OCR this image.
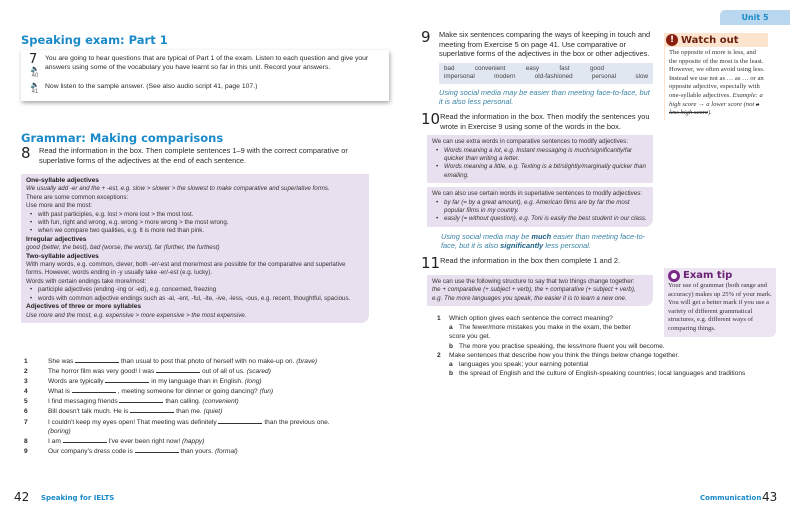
Speaking exam: Part 1
7
🔈
40
You are going to hear questions that are typical of Part 1 of the exam. Listen to each question and give your answers using some of the vocabulary you have learnt so far in this unit. Record your answers.
🔈
41
Now listen to the sample answer. (See also audio script 41, page 107.)
Grammar: Making comparisons
8	Read the information in the box. Then complete sentences 1–9 with the correct comparative or superlative forms of the adjectives at the end of each sentence.
One-syllable adjectives
We usually add -er and the + -est, e.g. slow > slower > the slowest to make comparative and superlative forms.
There are some common exceptions:
Use more and the most:
• with past participles, e.g. lost > more lost > the most lost.
• with fun, right and wrong, e.g. wrong > more wrong > the most wrong.
• when we compare two qualities, e.g. It is more red than pink.
Irregular adjectives
good (better, the best), bad (worse, the worst), far (further, the furthest)
Two-syllable adjectives
With many words, e.g. common, clever, both -er/-est and more/most are possible for the comparative and superlative forms. However, words ending in -y usually take -er/-est (e.g. lucky).
Words with certain endings take more/most:
• participle adjectives (ending -ing or -ed), e.g. concerned, freezing
• words with common adjective endings such as -al, -ent, -ful, -ite, -ive, -less, -ous, e.g. recent, thoughtful, spacious.
Adjectives of three or more syllables
Use more and the most, e.g. expensive > more expensive > the most expensive.
1	She was	than usual to post that photo of herself with no make-up on. (brave)
2	The horror film was very good! I was	out of all of us. (scared)
3	Words are typically	in my language than in English. (long)
4	What is	, meeting someone for dinner or going dancing? (fun)
5	I find messaging friends	than calling. (convenient)
6	Bill doesn't talk much. He is	than me. (quiet)
7	I couldn't keep my eyes open! That meeting was definitely	than the previous one. (boring)
8	I am	I've ever been right now! (happy)
9	Our company's dress code is	than yours. (formal)
42 Speaking for IELTS
Unit 5
9	Make six sentences comparing the ways of keeping in touch and meeting from Exercise 5 on page 41. Use comparative or superlative forms of the adjectives in the box or other adjectives.
bad	convenient	easy	fast	good
impersonal	modern	old-fashioned	personal	slow
Using social media may be easier than meeting face-to-face, but it is also less personal.
10 Read the information in the box. Then modify the sentences you wrote in Exercise 9 using some of the words in the box.
We can use extra words in comparative sentences to modify adjectives:
• Words meaning a lot, e.g. Instant messaging is much/significantly/far quicker than writing a letter.
• Words meaning a little, e.g. Texting is a bit/slightly/marginally quicker than emailing.
We can also use certain words in superlative sentences to modify adjectives:
• by far (= by a great amount), e.g. American films are by far the most popular films in my country.
• easily (= without question), e.g. Toni is easily the best student in our class.
Using social media may be much easier than meeting face-to-face, but it is also significantly less personal.
11 Read the information in the box then complete 1 and 2.
We can use the following structure to say that two things change together:
the + comparative (+ subject + verb), the + comparative (+ subject + verb),
e.g. The more languages you speak, the easier it is to learn a new one.
1 Which option gives each sentence the correct meaning?
a The fewer/more mistakes you make in the exam, the better score you get.
b The more you practise speaking, the less/more fluent you will become.
2 Make sentences that describe how you think the things below change together.
a languages you speak; your earning potential
b the spread of English and the culture of English-speaking countries; local languages and traditions
! Watch out
The opposite of more is less, and the opposite of the most is the least. However, we often avoid using less. Instead we use not as … as … or an opposite adjective, especially with one-syllable adjectives. Example: a high score → a lower score (not a less high score).
Exam tip
Your use of grammar (both range and accuracy) makes up 25% of your mark. You will get a better mark if you use a variety of different grammatical structures, e.g. different ways of comparing things.
Communication 43
